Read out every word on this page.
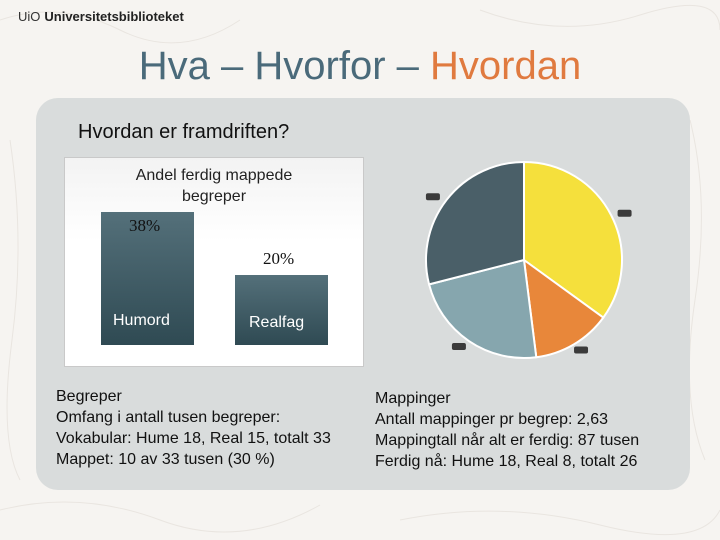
UiO Universitetsbiblioteket
Hva – Hvorfor – Hvordan
Hvordan er framdriften?
Andel ferdig mappede begreper
38%
Humord
20%
Realfag
Begreper
Omfang i antall tusen begreper:
Vokabular: Hume 18, Real 15, totalt 33
Mappet: 10 av 33 tusen (30 %)
Mappinger
Antall mappinger pr begrep: 2,63
Mappingtall når alt er ferdig: 87 tusen
Ferdig nå: Hume 18, Real 8, totalt 26
